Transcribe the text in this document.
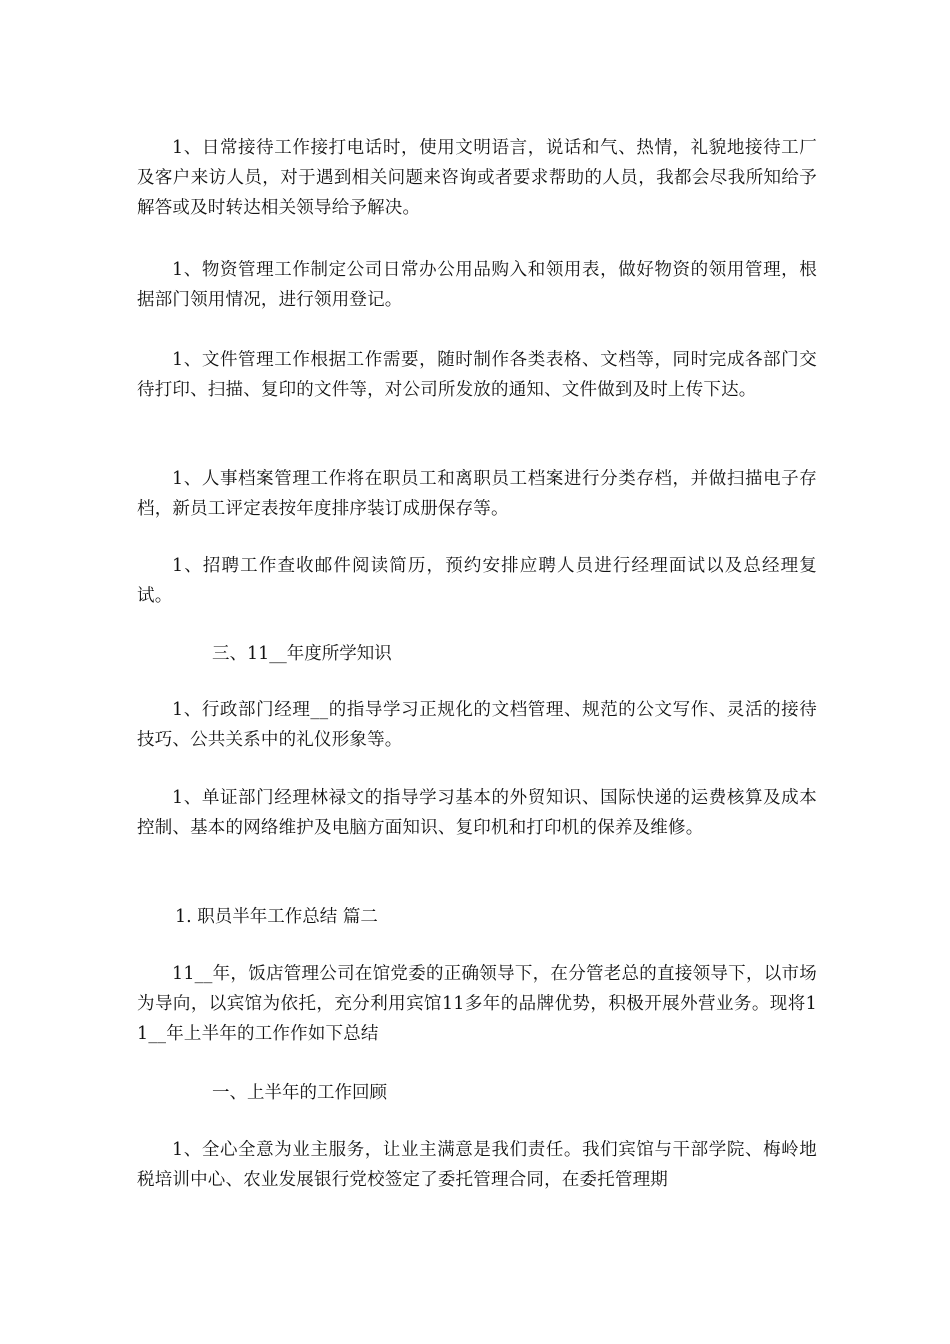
1、日常接待工作接打电话时，使用文明语言，说话和气、热情，礼貌地接待工厂及客户来访人员，对于遇到相关问题来咨询或者要求帮助的人员，我都会尽我所知给予解答或及时转达相关领导给予解决。

1、物资管理工作制定公司日常办公用品购入和领用表，做好物资的领用管理，根据部门领用情况，进行领用登记。

1、文件管理工作根据工作需要，随时制作各类表格、文档等，同时完成各部门交待打印、扫描、复印的文件等，对公司所发放的通知、文件做到及时上传下达。

1、人事档案管理工作将在职员工和离职员工档案进行分类存档，并做扫描电子存档，新员工评定表按年度排序装订成册保存等。

1、招聘工作查收邮件阅读简历，预约安排应聘人员进行经理面试以及总经理复试。

三、11__年度所学知识

1、行政部门经理__的指导学习正规化的文档管理、规范的公文写作、灵活的接待技巧、公共关系中的礼仪形象等。

1、单证部门经理林禄文的指导学习基本的外贸知识、国际快递的运费核算及成本控制、基本的网络维护及电脑方面知识、复印机和打印机的保养及维修。

1. 职员半年工作总结 篇二

11__年，饭店管理公司在馆党委的正确领导下，在分管老总的直接领导下，以市场为导向，以宾馆为依托，充分利用宾馆11多年的品牌优势，积极开展外营业务。现将11__年上半年的工作作如下总结

一、上半年的工作回顾

1、全心全意为业主服务，让业主满意是我们责任。我们宾馆与干部学院、梅岭地税培训中心、农业发展银行党校签定了委托管理合同，在委托管理期
